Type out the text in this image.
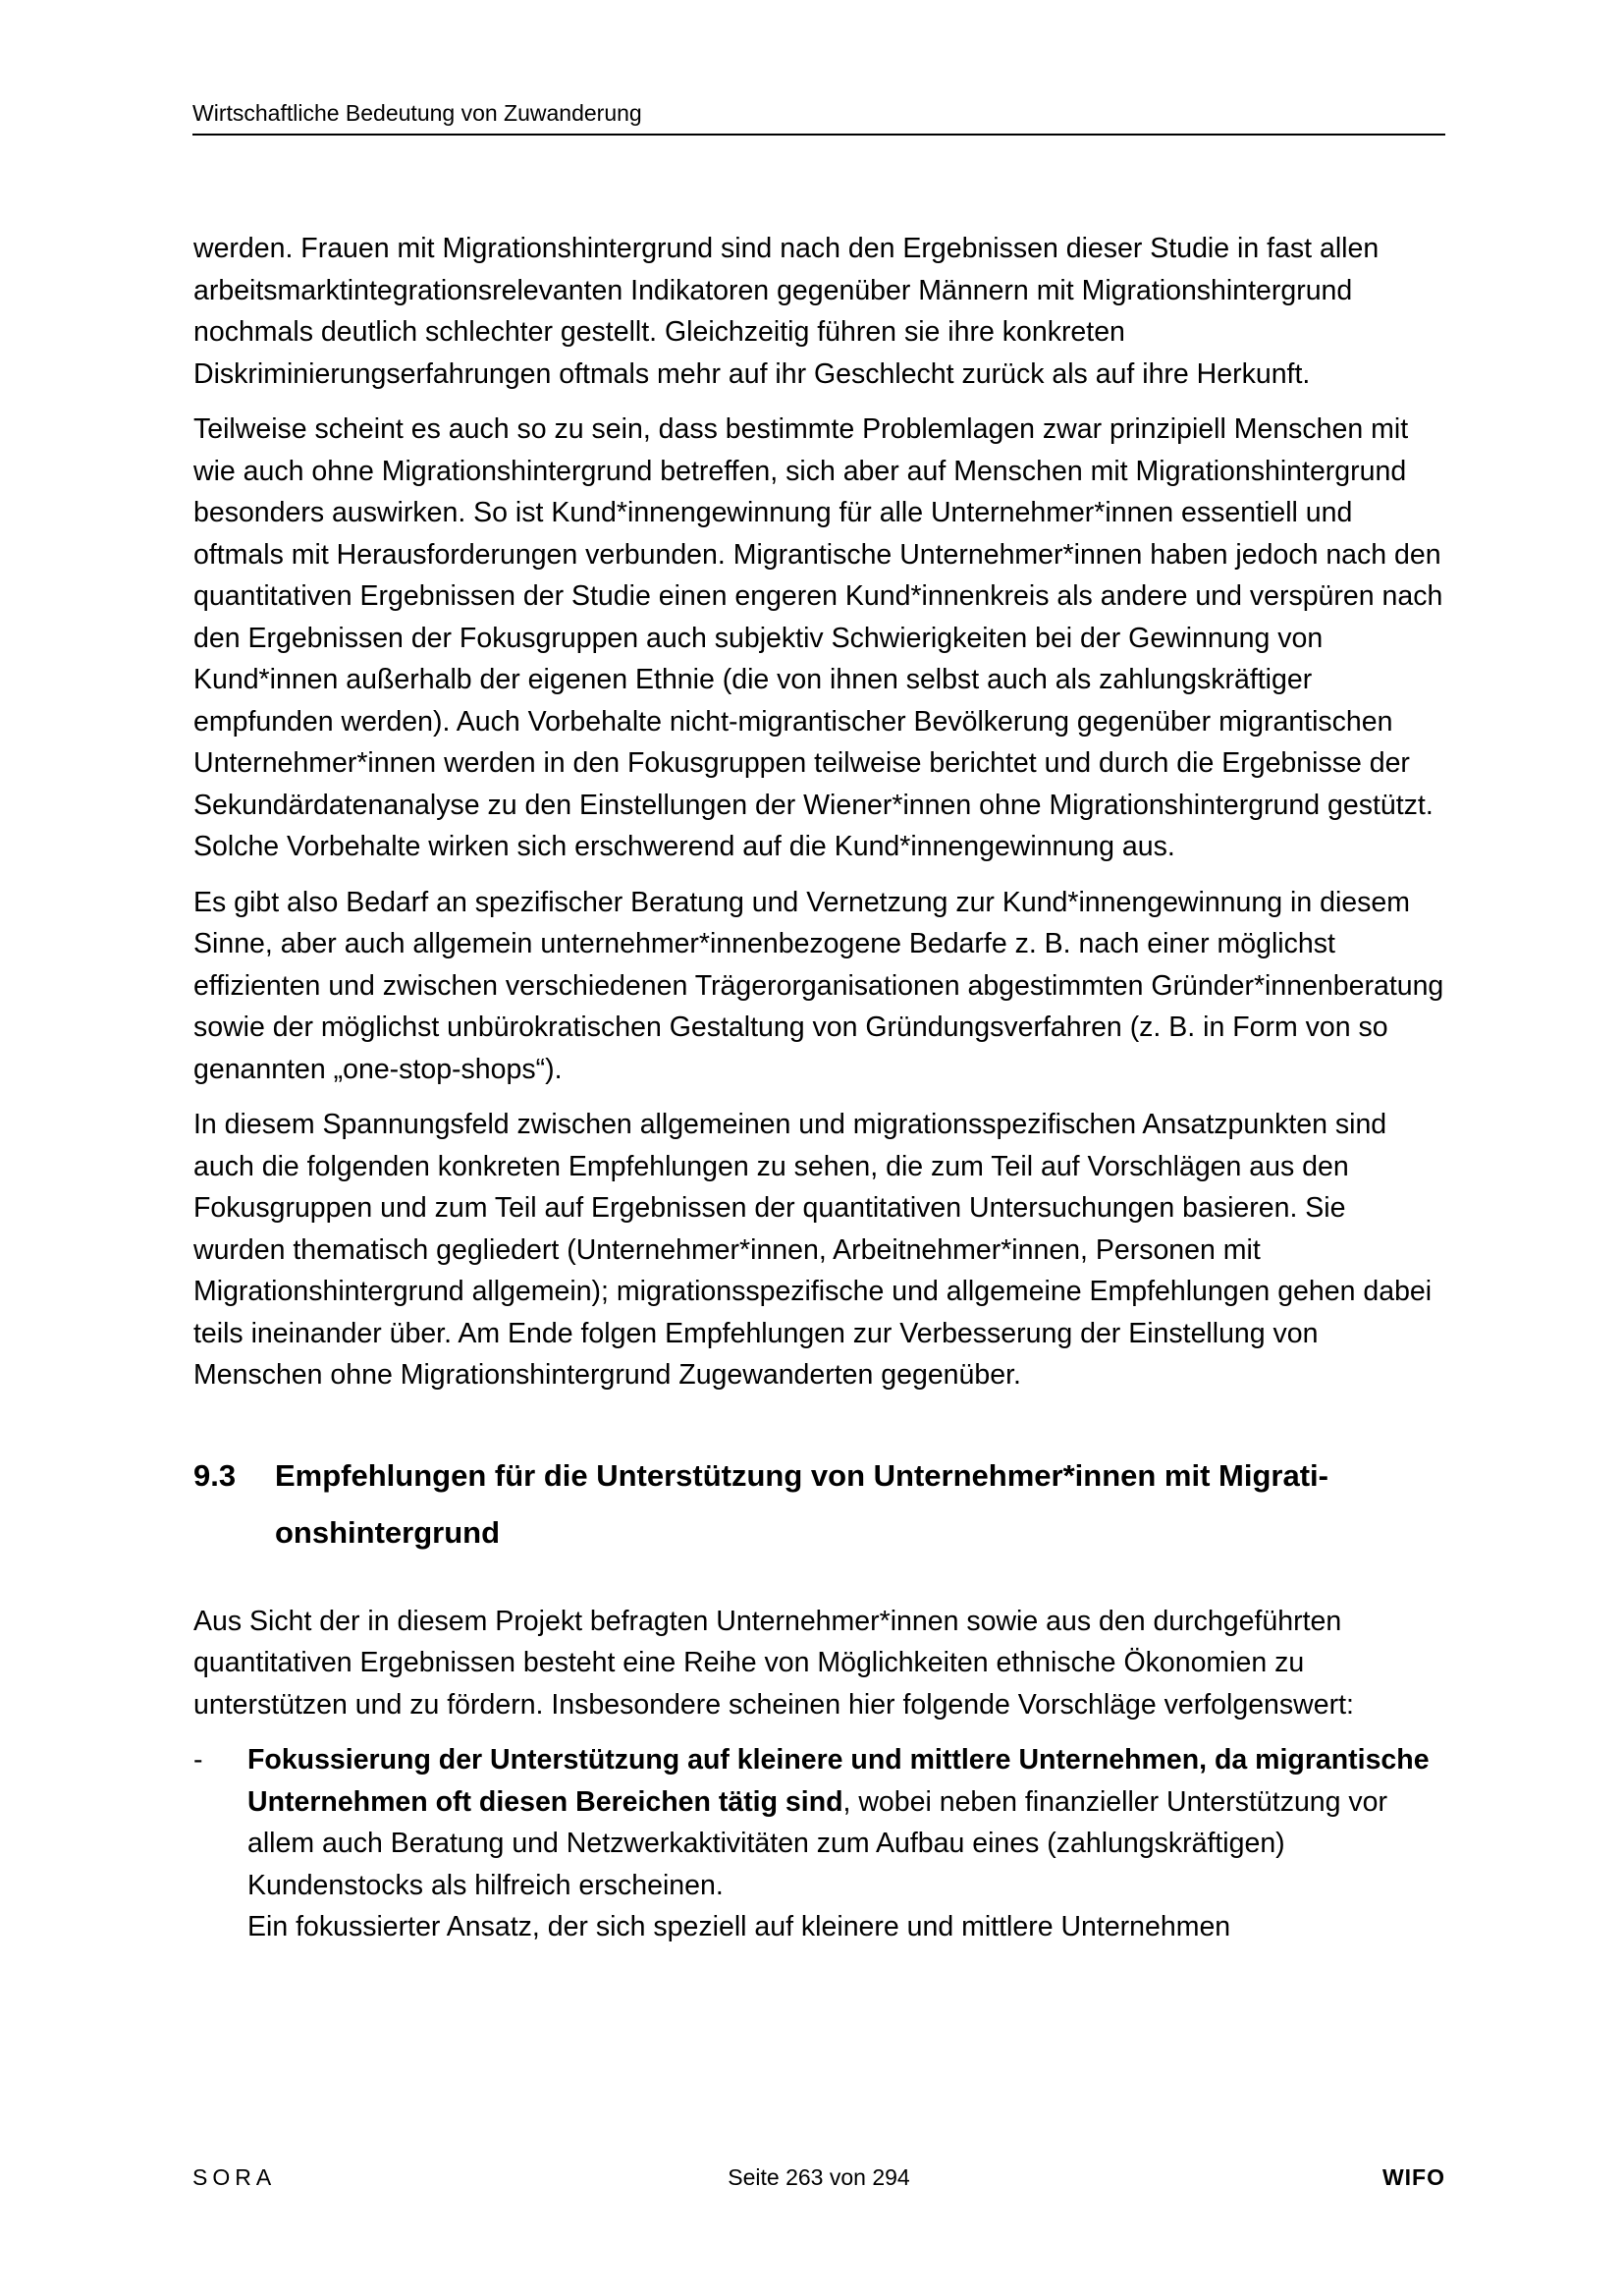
Wirtschaftliche Bedeutung von Zuwanderung

werden. Frauen mit Migrationshintergrund sind nach den Ergebnissen dieser Studie in fast allen arbeitsmarktintegrationsrelevanten Indikatoren gegenüber Männern mit Migrationshintergrund nochmals deutlich schlechter gestellt. Gleichzeitig führen sie ihre konkreten Diskriminierungserfahrungen oftmals mehr auf ihr Geschlecht zurück als auf ihre Herkunft.

Teilweise scheint es auch so zu sein, dass bestimmte Problemlagen zwar prinzipiell Menschen mit wie auch ohne Migrationshintergrund betreffen, sich aber auf Menschen mit Migrationshintergrund besonders auswirken. So ist Kund*innengewinnung für alle Unternehmer*innen essentiell und oftmals mit Herausforderungen verbunden. Migrantische Unternehmer*innen haben jedoch nach den quantitativen Ergebnissen der Studie einen engeren Kund*innenkreis als andere und verspüren nach den Ergebnissen der Fokusgruppen auch subjektiv Schwierigkeiten bei der Gewinnung von Kund*innen außerhalb der eigenen Ethnie (die von ihnen selbst auch als zahlungskräftiger empfunden werden). Auch Vorbehalte nicht-migrantischer Bevölkerung gegenüber migrantischen Unternehmer*innen werden in den Fokusgruppen teilweise berichtet und durch die Ergebnisse der Sekundärdatenanalyse zu den Einstellungen der Wiener*innen ohne Migrationshintergrund gestützt. Solche Vorbehalte wirken sich erschwerend auf die Kund*innengewinnung aus.

Es gibt also Bedarf an spezifischer Beratung und Vernetzung zur Kund*innengewinnung in diesem Sinne, aber auch allgemein unternehmer*innenbezogene Bedarfe z. B. nach einer möglichst effizienten und zwischen verschiedenen Trägerorganisationen abgestimmten Gründer*innenberatung sowie der möglichst unbürokratischen Gestaltung von Gründungsverfahren (z. B. in Form von so genannten „one-stop-shops“).

In diesem Spannungsfeld zwischen allgemeinen und migrationsspezifischen Ansatzpunkten sind auch die folgenden konkreten Empfehlungen zu sehen, die zum Teil auf Vorschlägen aus den Fokusgruppen und zum Teil auf Ergebnissen der quantitativen Untersuchungen basieren. Sie wurden thematisch gegliedert (Unternehmer*innen, Arbeitnehmer*innen, Personen mit Migrationshintergrund allgemein); migrationsspezifische und allgemeine Empfehlungen gehen dabei teils ineinander über. Am Ende folgen Empfehlungen zur Verbesserung der Einstellung von Menschen ohne Migrationshintergrund Zugewanderten gegenüber.

9.3	Empfehlungen für die Unterstützung von Unternehmer*innen mit Migrationshintergrund

Aus Sicht der in diesem Projekt befragten Unternehmer*innen sowie aus den durchgeführten quantitativen Ergebnissen besteht eine Reihe von Möglichkeiten ethnische Ökonomien zu unterstützen und zu fördern. Insbesondere scheinen hier folgende Vorschläge verfolgenswert:

-	Fokussierung der Unterstützung auf kleinere und mittlere Unternehmen, da migrantische Unternehmen oft diesen Bereichen tätig sind, wobei neben finanzieller Unterstützung vor allem auch Beratung und Netzwerkaktivitäten zum Aufbau eines (zahlungskräftigen) Kundenstocks als hilfreich erscheinen.
Ein fokussierter Ansatz, der sich speziell auf kleinere und mittlere Unternehmen
SORA	Seite 263 von 294	WIFO
